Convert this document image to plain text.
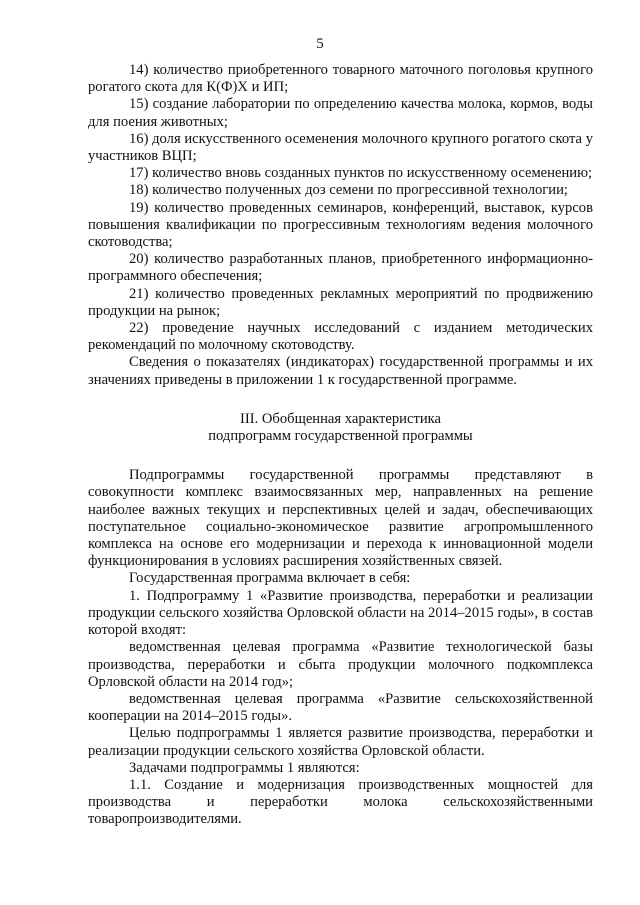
5

14) количество приобретенного товарного маточного поголовья крупного рогатого скота для К(Ф)Х и ИП;

15) создание лаборатории по определению качества молока, кормов, воды для поения животных;

16) доля искусственного осеменения молочного крупного рогатого скота у участников ВЦП;

17) количество вновь созданных пунктов по искусственному осеменению;

18) количество полученных доз семени по прогрессивной технологии;

19) количество проведенных семинаров, конференций, выставок, курсов повышения квалификации по прогрессивным технологиям ведения молочного скотоводства;

20) количество разработанных планов, приобретенного информационно-программного обеспечения;

21) количество проведенных рекламных мероприятий по продвижению продукции на рынок;

22) проведение научных исследований с изданием методических рекомендаций по молочному скотоводству.

Сведения о показателях (индикаторах) государственной программы и их значениях приведены в приложении 1 к государственной программе.

III. Обобщенная характеристика
подпрограмм государственной программы

Подпрограммы государственной программы представляют в совокупности комплекс взаимосвязанных мер, направленных на решение наиболее важных текущих и перспективных целей и задач, обеспечивающих поступательное социально-экономическое развитие агропромышленного комплекса на основе его модернизации и перехода к инновационной модели функционирования в условиях расширения хозяйственных связей.

Государственная программа включает в себя:

1. Подпрограмму 1 «Развитие производства, переработки и реализации продукции сельского хозяйства Орловской области на 2014–2015 годы», в состав которой входят:

ведомственная целевая программа «Развитие технологической базы производства, переработки и сбыта продукции молочного подкомплекса Орловской области на 2014 год»;

ведомственная целевая программа «Развитие сельскохозяйственной кооперации на 2014–2015 годы».

Целью подпрограммы 1 является развитие производства, переработки и реализации продукции сельского хозяйства Орловской области.

Задачами подпрограммы 1 являются:

1.1. Создание и модернизация производственных мощностей для производства и переработки молока сельскохозяйственными товаропроизводителями.
